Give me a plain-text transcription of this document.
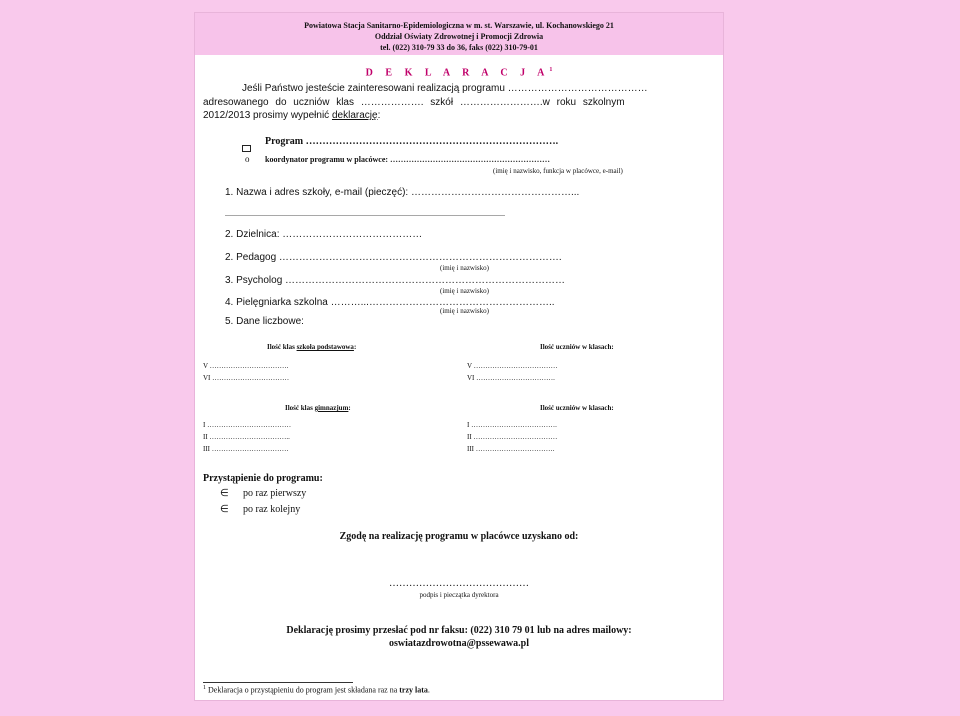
Powiatowa Stacja Sanitarno-Epidemiologiczna w m. st. Warszawie, ul. Kochanowskiego 21
Oddział Oświaty Zdrowotnej i Promocji Zdrowia
tel. (022) 310-79 33 do 36, faks (022) 310-79-01
D E K L A R A C J $A^1$
Jeśli Państwo jesteście zainteresowani realizacją programu ……………………………………
adresowanego do uczniów klas ………………. szkół …………………….w roku szkolnym
2012/2013 prosimy wypełnić deklarację:
Program ………………………………………………………………….
o koordynator programu w placówce: ……………………………………………………
(imię i nazwisko, funkcja w placówce, e-mail)
1. Nazwa i adres szkoły, e-mail (pieczęć): …………………………………………...
............................................................................................................................................
2. Dzielnica: ……………………………………
2. Pedagog ………………………………………………………………………….
(imię i nazwisko)
3. Psycholog …………………………………………………………………………
(imię i nazwisko)
4. Pielęgniarka szkolna ………...………………………………………………..
(imię i nazwisko)
5. Dane liczbowe:
Ilość klas szkoła podstawowa:	Ilość uczniów w klasach:
V …………………………….	V ………………………………
VI ……………………………	VI …………………………….
Ilość klas gimnazjum:	Ilość uczniów w klasach:
I ………………………………	I ……………………………….
II ……………………………..	II ………………………………
III ……………………………	III …………………………….
Przystąpienie do programu:
∈ po raz pierwszy
∈ po raz kolejny
Zgodę na realizację programu w placówce uzyskano od:
……………………………………
podpis i pieczątka dyrektora
Deklarację prosimy przesłać pod nr faksu: (022) 310 79 01 lub na adres mailowy:
oswiatazdrowotna@pssewawa.pl
$^1$ Deklaracja o przystąpieniu do program jest składana raz na trzy lata.
